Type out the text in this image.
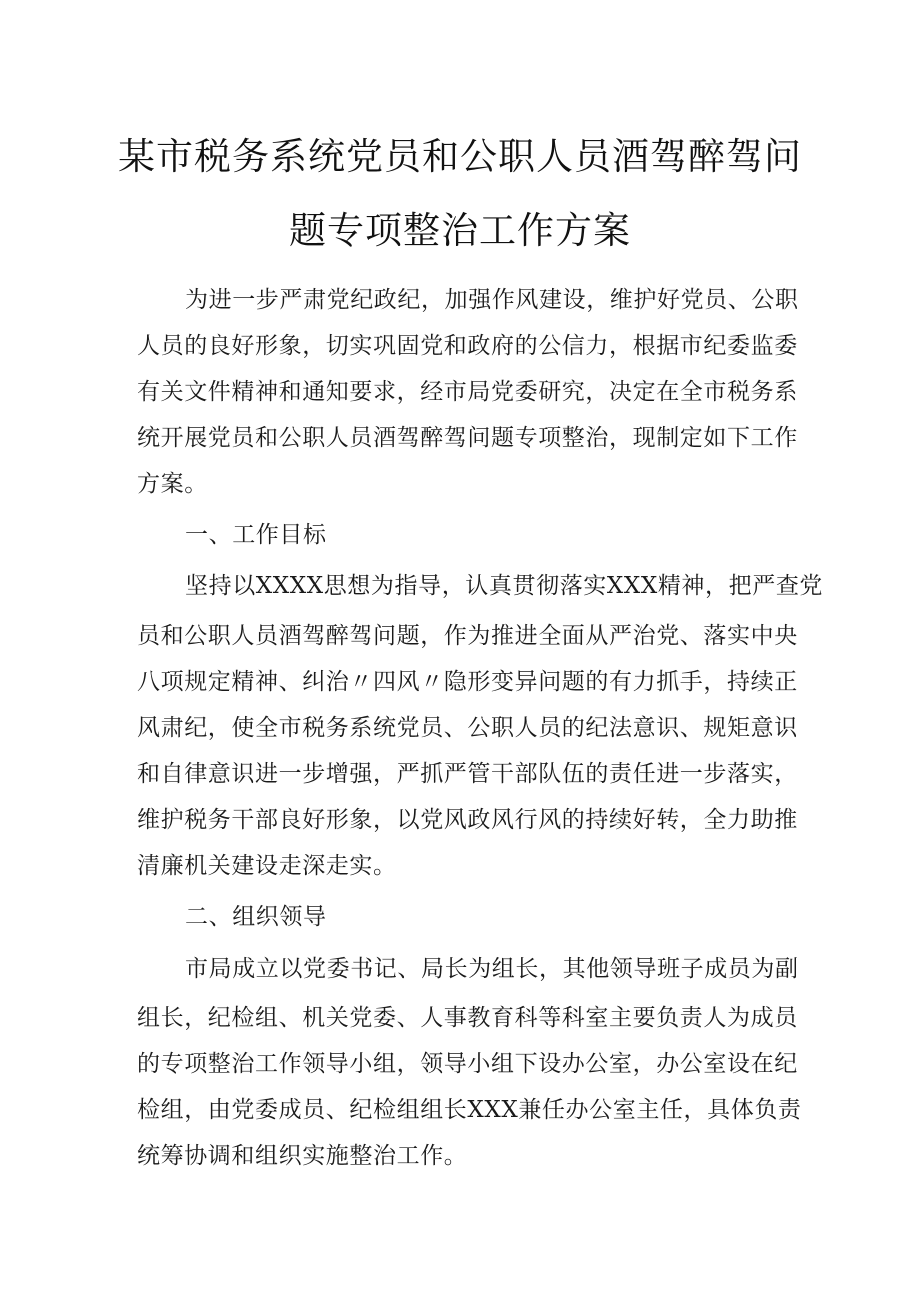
某市税务系统党员和公职人员酒驾醉驾问
题专项整治工作方案
为进一步严肃党纪政纪，加强作风建设，维护好党员、公职
人员的良好形象，切实巩固党和政府的公信力，根据市纪委监委
有关文件精神和通知要求，经市局党委研究，决定在全市税务系
统开展党员和公职人员酒驾醉驾问题专项整治，现制定如下工作
方案。
一、工作目标
坚持以XXXX思想为指导，认真贯彻落实XXX精神，把严查党
员和公职人员酒驾醉驾问题，作为推进全面从严治党、落实中央
八项规定精神、纠治〃四风〃隐形变异问题的有力抓手，持续正
风肃纪，使全市税务系统党员、公职人员的纪法意识、规矩意识
和自律意识进一步增强，严抓严管干部队伍的责任进一步落实，
维护税务干部良好形象，以党风政风行风的持续好转，全力助推
清廉机关建设走深走实。
二、组织领导
市局成立以党委书记、局长为组长，其他领导班子成员为副
组长，纪检组、机关党委、人事教育科等科室主要负责人为成员
的专项整治工作领导小组，领导小组下设办公室，办公室设在纪
检组，由党委成员、纪检组组长XXX兼任办公室主任，具体负责
统筹协调和组织实施整治工作。
